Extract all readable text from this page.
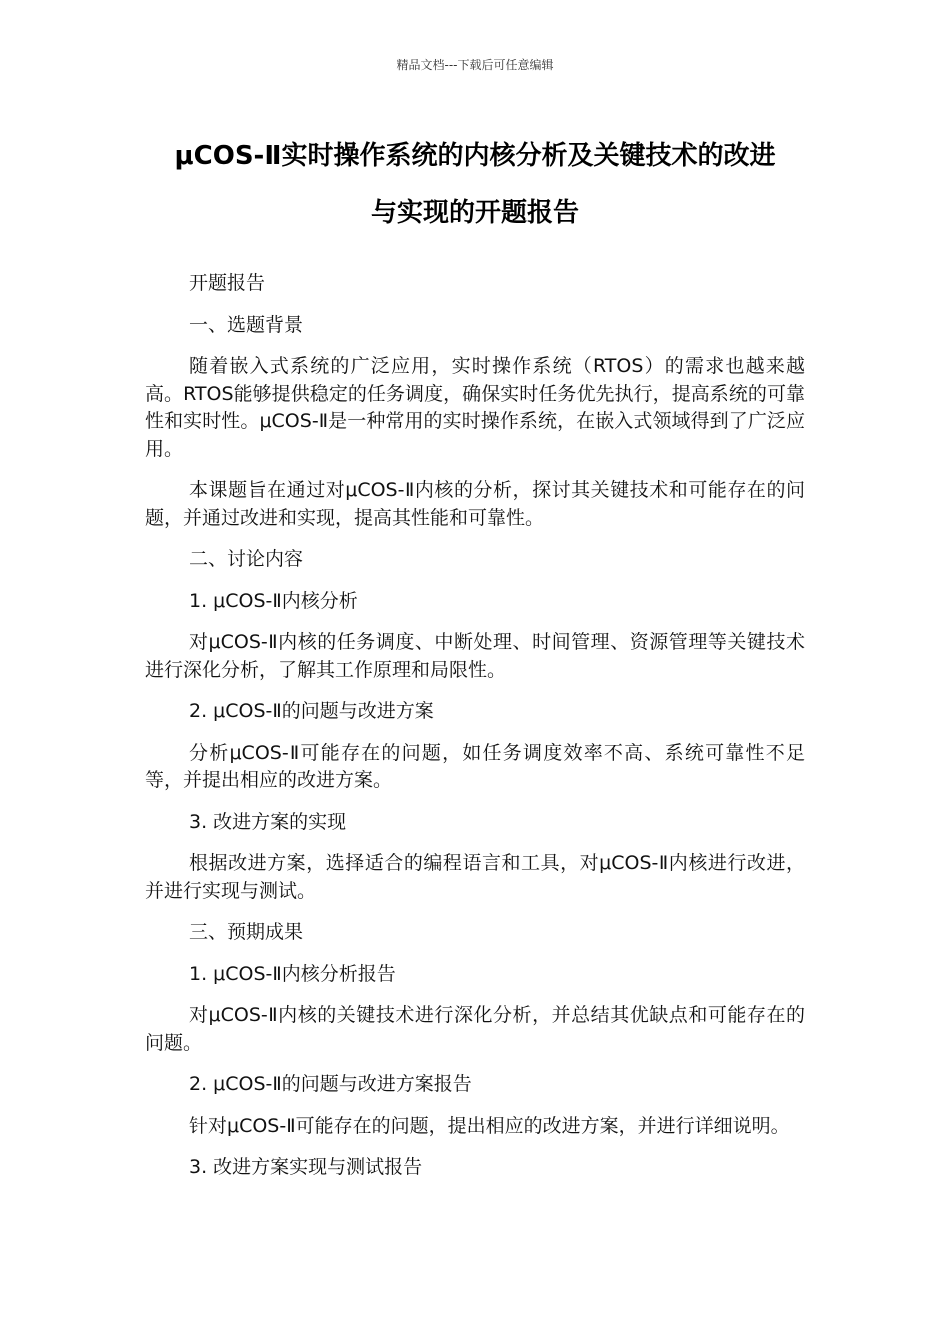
精品文档---下载后可任意编辑
μCOS-Ⅱ实时操作系统的内核分析及关键技术的改进
与实现的开题报告

开题报告

一、选题背景

随着嵌入式系统的广泛应用，实时操作系统（RTOS）的需求也越来越高。RTOS能够提供稳定的任务调度，确保实时任务优先执行，提高系统的可靠性和实时性。μCOS-Ⅱ是一种常用的实时操作系统，在嵌入式领域得到了广泛应用。

本课题旨在通过对μCOS-Ⅱ内核的分析，探讨其关键技术和可能存在的问题，并通过改进和实现，提高其性能和可靠性。

二、讨论内容

1. μCOS-Ⅱ内核分析

对μCOS-Ⅱ内核的任务调度、中断处理、时间管理、资源管理等关键技术进行深化分析，了解其工作原理和局限性。

2. μCOS-Ⅱ的问题与改进方案

分析μCOS-Ⅱ可能存在的问题，如任务调度效率不高、系统可靠性不足等，并提出相应的改进方案。

3. 改进方案的实现

根据改进方案，选择适合的编程语言和工具，对μCOS-Ⅱ内核进行改进，并进行实现与测试。

三、预期成果

1. μCOS-Ⅱ内核分析报告

对μCOS-Ⅱ内核的关键技术进行深化分析，并总结其优缺点和可能存在的问题。

2. μCOS-Ⅱ的问题与改进方案报告

针对μCOS-Ⅱ可能存在的问题，提出相应的改进方案，并进行详细说明。

3. 改进方案实现与测试报告
